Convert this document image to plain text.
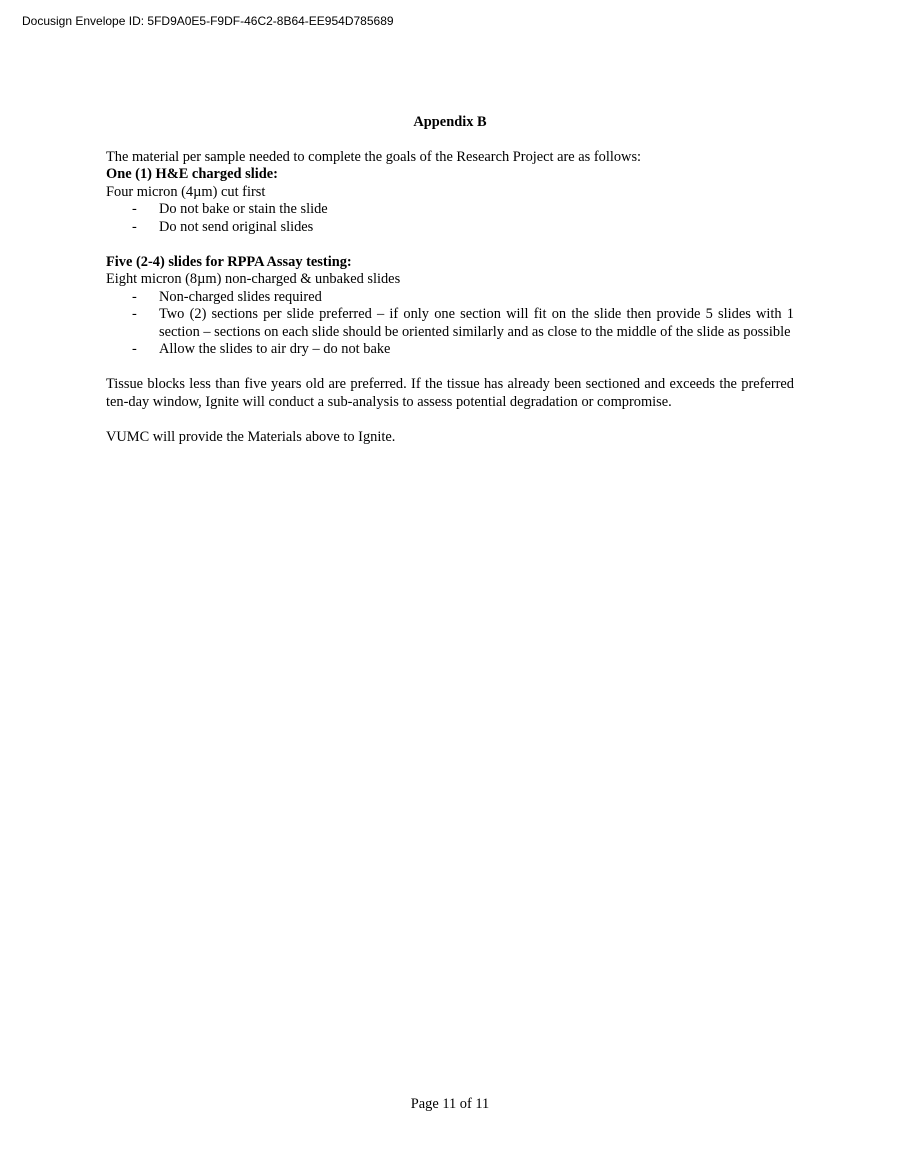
Docusign Envelope ID: 5FD9A0E5-F9DF-46C2-8B64-EE954D785689

Appendix B

The material per sample needed to complete the goals of the Research Project are as follows:

One (1) H&E charged slide:

Four micron (4µm) cut first

- Do not bake or stain the slide
- Do not send original slides

Five (2-4) slides for RPPA Assay testing:

Eight micron (8µm) non-charged & unbaked slides

- Non-charged slides required
- Two (2) sections per slide preferred – if only one section will fit on the slide then provide 5 slides with 1 section – sections on each slide should be oriented similarly and as close to the middle of the slide as possible
- Allow the slides to air dry – do not bake

Tissue blocks less than five years old are preferred. If the tissue has already been sectioned and exceeds the preferred ten-day window, Ignite will conduct a sub-analysis to assess potential degradation or compromise.

VUMC will provide the Materials above to Ignite.

Page 11 of 11
